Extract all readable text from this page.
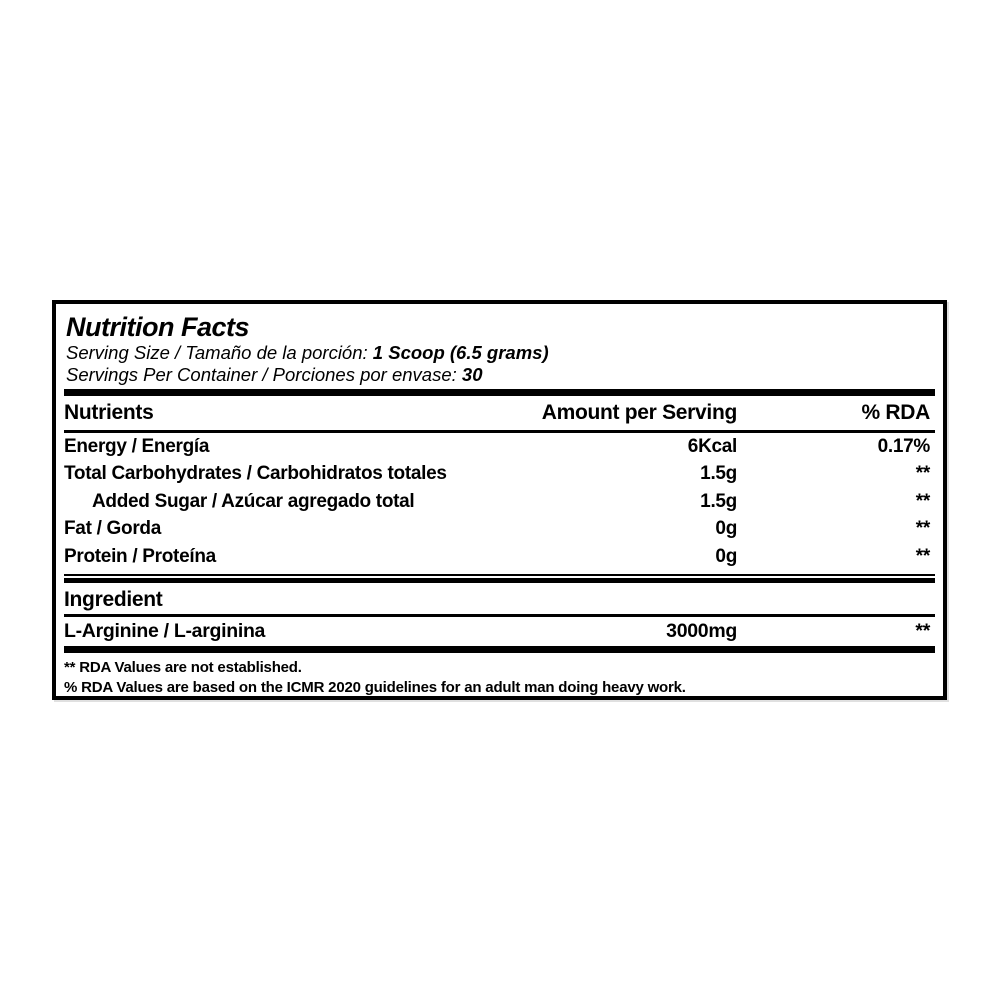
Nutrition Facts
Serving Size / Tamaño de la porción: 1 Scoop (6.5 grams)
Servings Per Container / Porciones por envase: 30
Nutrients	Amount per Serving	% RDA
Energy / Energía	6Kcal	0.17%
Total Carbohydrates / Carbohidratos totales	1.5g	**
Added Sugar / Azúcar agregado total	1.5g	**
Fat / Gorda	0g	**
Protein / Proteína	0g	**
Ingredient
L-Arginine / L-arginina	3000mg	**
** RDA Values are not established.
% RDA Values are based on the ICMR 2020 guidelines for an adult man doing heavy work.
